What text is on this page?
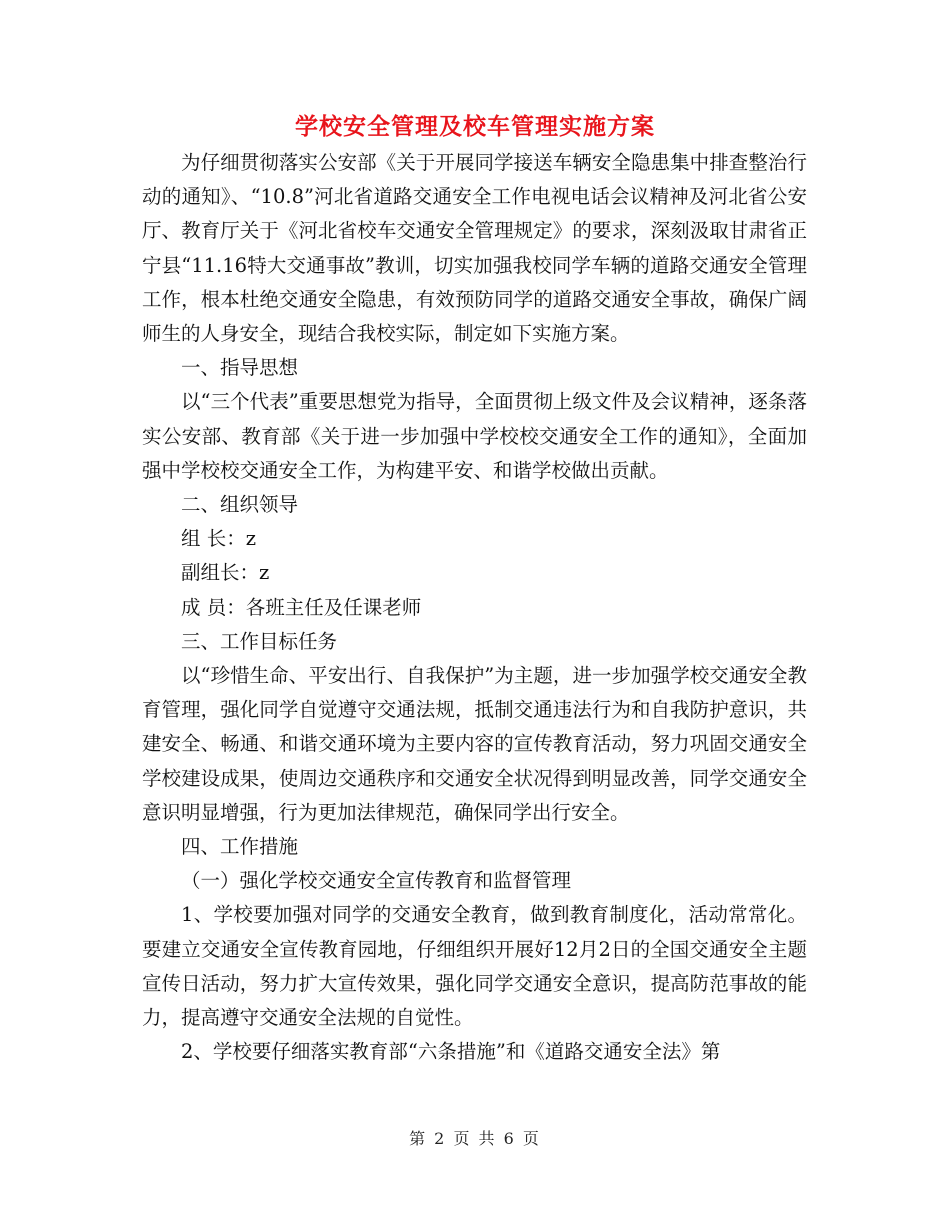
学校安全管理及校车管理实施方案

为仔细贯彻落实公安部《关于开展同学接送车辆安全隐患集中排查整治行动的通知》、“10.8”河北省道路交通安全工作电视电话会议精神及河北省公安厅、教育厅关于《河北省校车交通安全管理规定》的要求，深刻汲取甘肃省正宁县“11.16特大交通事故”教训，切实加强我校同学车辆的道路交通安全管理工作，根本杜绝交通安全隐患，有效预防同学的道路交通安全事故，确保广阔师生的人身安全，现结合我校实际，制定如下实施方案。

一、指导思想

以“三个代表”重要思想党为指导，全面贯彻上级文件及会议精神，逐条落实公安部、教育部《关于进一步加强中学校校交通安全工作的通知》，全面加强中学校校交通安全工作，为构建平安、和谐学校做出贡献。

二、组织领导

组 长：z

副组长：z

成 员：各班主任及任课老师

三、工作目标任务

以“珍惜生命、平安出行、自我保护”为主题，进一步加强学校交通安全教育管理，强化同学自觉遵守交通法规，抵制交通违法行为和自我防护意识，共建安全、畅通、和谐交通环境为主要内容的宣传教育活动，努力巩固交通安全学校建设成果，使周边交通秩序和交通安全状况得到明显改善，同学交通安全意识明显增强，行为更加法律规范，确保同学出行安全。

四、工作措施

（一）强化学校交通安全宣传教育和监督管理

1、学校要加强对同学的交通安全教育，做到教育制度化，活动常常化。要建立交通安全宣传教育园地，仔细组织开展好12月2日的全国交通安全主题宣传日活动，努力扩大宣传效果，强化同学交通安全意识，提高防范事故的能力，提高遵守交通安全法规的自觉性。

2、学校要仔细落实教育部“六条措施”和《道路交通安全法》第

第 2 页 共 6 页
